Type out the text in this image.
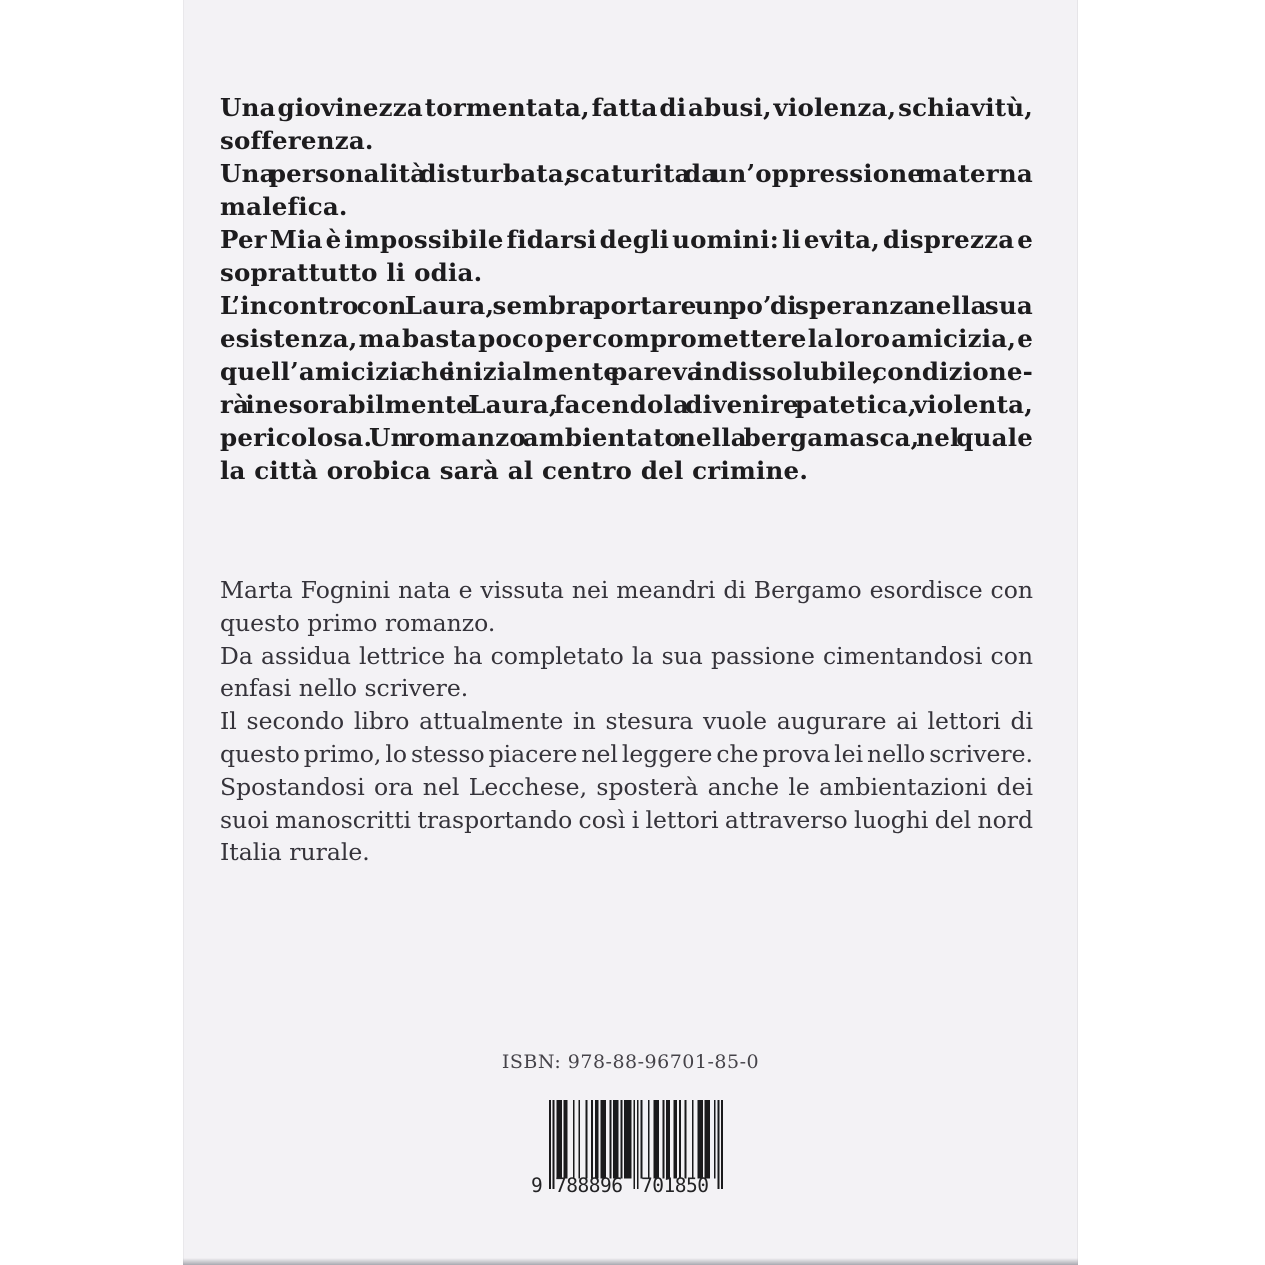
Una giovinezza tormentata, fatta di abusi, violenza, schiavitù,
sofferenza.
Una personalità disturbata, scaturita da un’oppressione materna
malefica.
Per Mia è impossibile fidarsi degli uomini: li evita, disprezza e
soprattutto li odia.
L’incontro con Laura, sembra portare un po’ di speranza nella sua
esistenza, ma basta poco per compromettere la loro amicizia, e
quell’amicizia che inizialmente pareva indissolubile, condizione-
rà inesorabilmente Laura, facendola divenire patetica, violenta,
pericolosa. Un romanzo ambientato nella bergamasca, nel quale
la città orobica sarà al centro del crimine.
Marta Fognini nata e vissuta nei meandri di Bergamo esordisce con
questo primo romanzo.
Da assidua lettrice ha completato la sua passione cimentandosi con
enfasi nello scrivere.
Il secondo libro attualmente in stesura vuole augurare ai lettori di
questo primo, lo stesso piacere nel leggere che prova lei nello scrivere.
Spostandosi ora nel Lecchese, sposterà anche le ambientazioni dei
suoi manoscritti trasportando così i lettori attraverso luoghi del nord
Italia rurale.
ISBN: 978-88-96701-85-0
9 788896 701850
